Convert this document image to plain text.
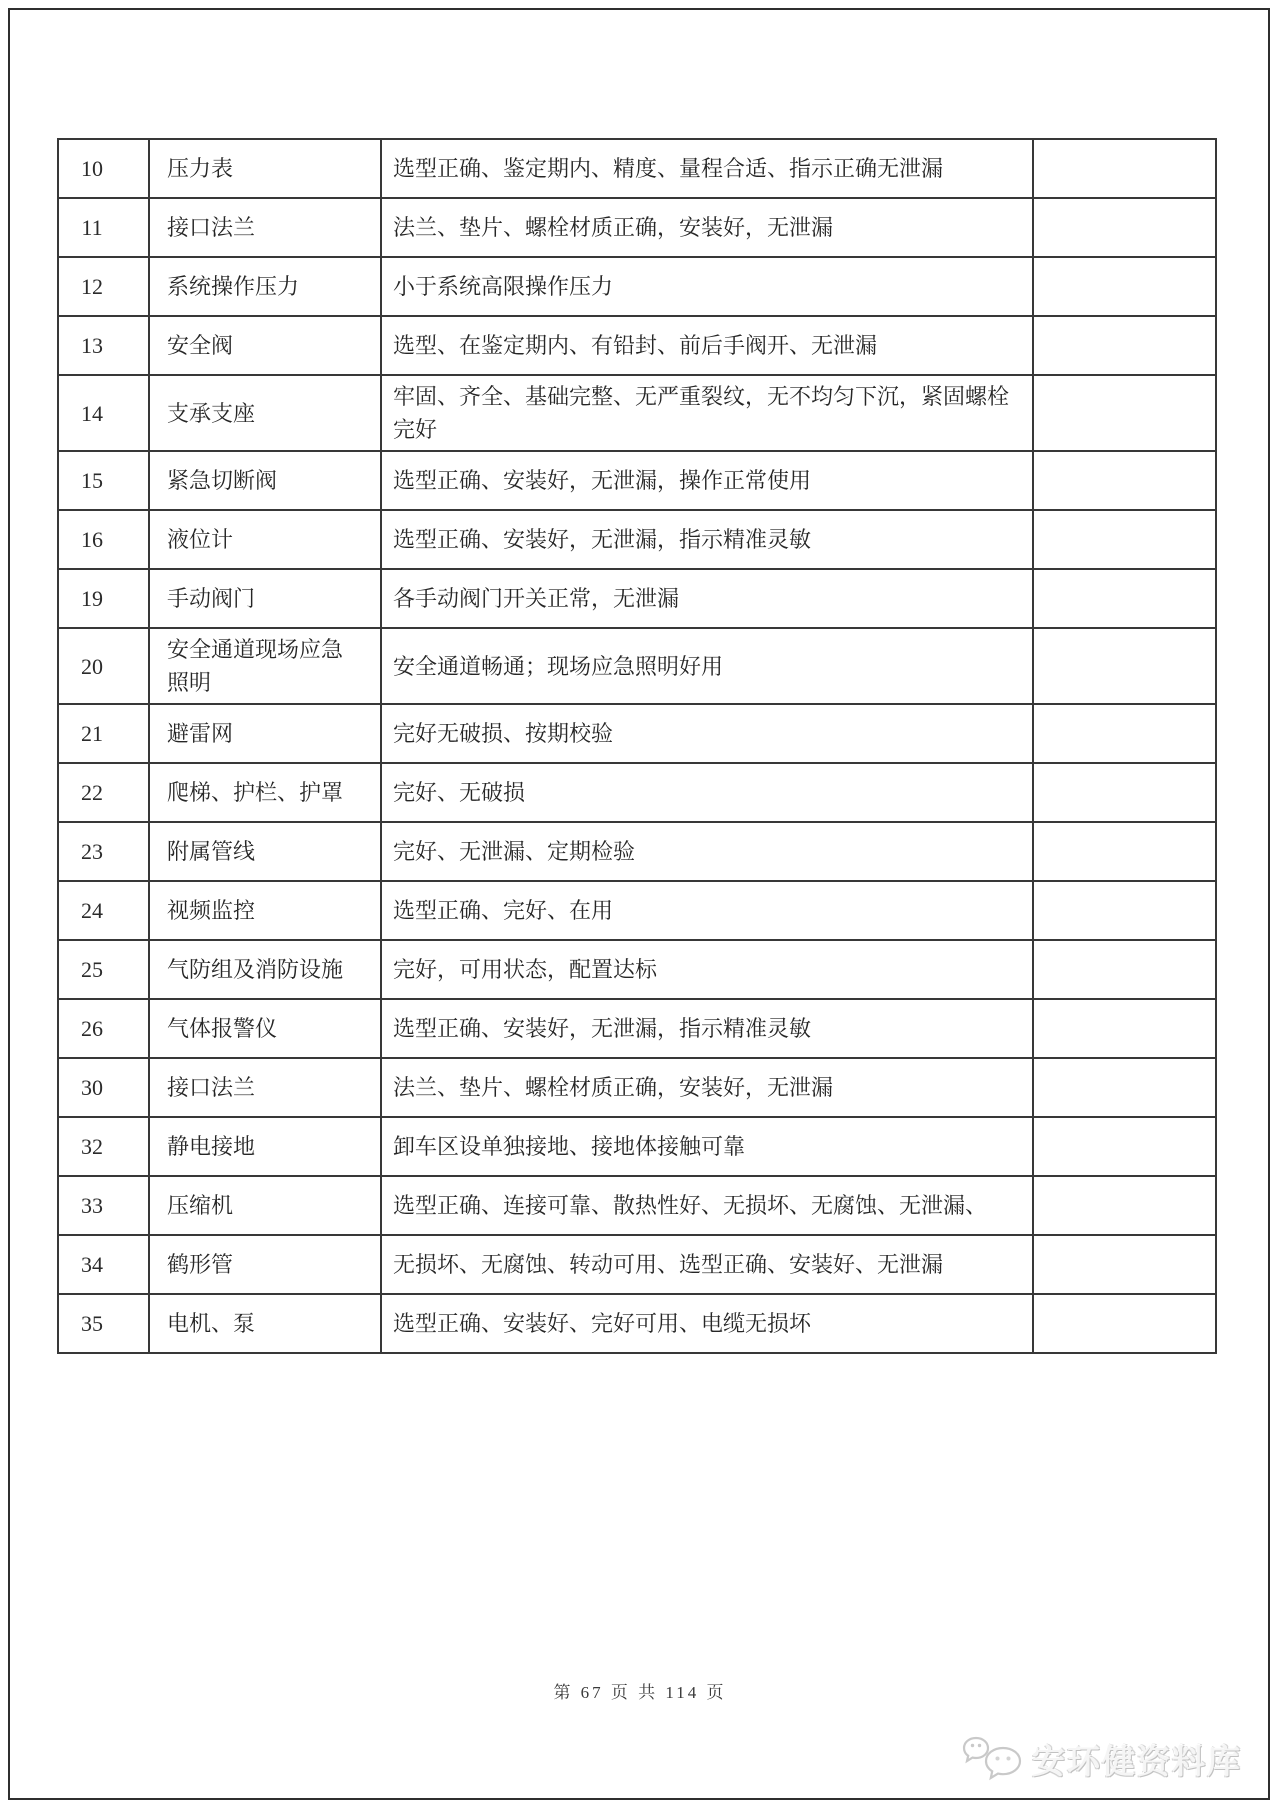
10	压力表	选型正确、鉴定期内、精度、量程合适、指示正确无泄漏	
11	接口法兰	法兰、垫片、螺栓材质正确，安装好，无泄漏	
12	系统操作压力	小于系统高限操作压力	
13	安全阀	选型、在鉴定期内、有铅封、前后手阀开、无泄漏	
14	支承支座	牢固、齐全、基础完整、无严重裂纹，无不均匀下沉，紧固螺栓完好	
15	紧急切断阀	选型正确、安装好，无泄漏，操作正常使用	
16	液位计	选型正确、安装好，无泄漏，指示精准灵敏	
19	手动阀门	各手动阀门开关正常，无泄漏	
20	安全通道现场应急照明	安全通道畅通；现场应急照明好用	
21	避雷网	完好无破损、按期校验	
22	爬梯、护栏、护罩	完好、无破损	
23	附属管线	完好、无泄漏、定期检验	
24	视频监控	选型正确、完好、在用	
25	气防组及消防设施	完好，可用状态，配置达标	
26	气体报警仪	选型正确、安装好，无泄漏，指示精准灵敏	
30	接口法兰	法兰、垫片、螺栓材质正确，安装好，无泄漏	
32	静电接地	卸车区设单独接地、接地体接触可靠	
33	压缩机	选型正确、连接可靠、散热性好、无损坏、无腐蚀、无泄漏、	
34	鹤形管	无损坏、无腐蚀、转动可用、选型正确、安装好、无泄漏	
35	电机、泵	选型正确、安装好、完好可用、电缆无损坏	
第 67 页 共 114 页
安环健资料库
